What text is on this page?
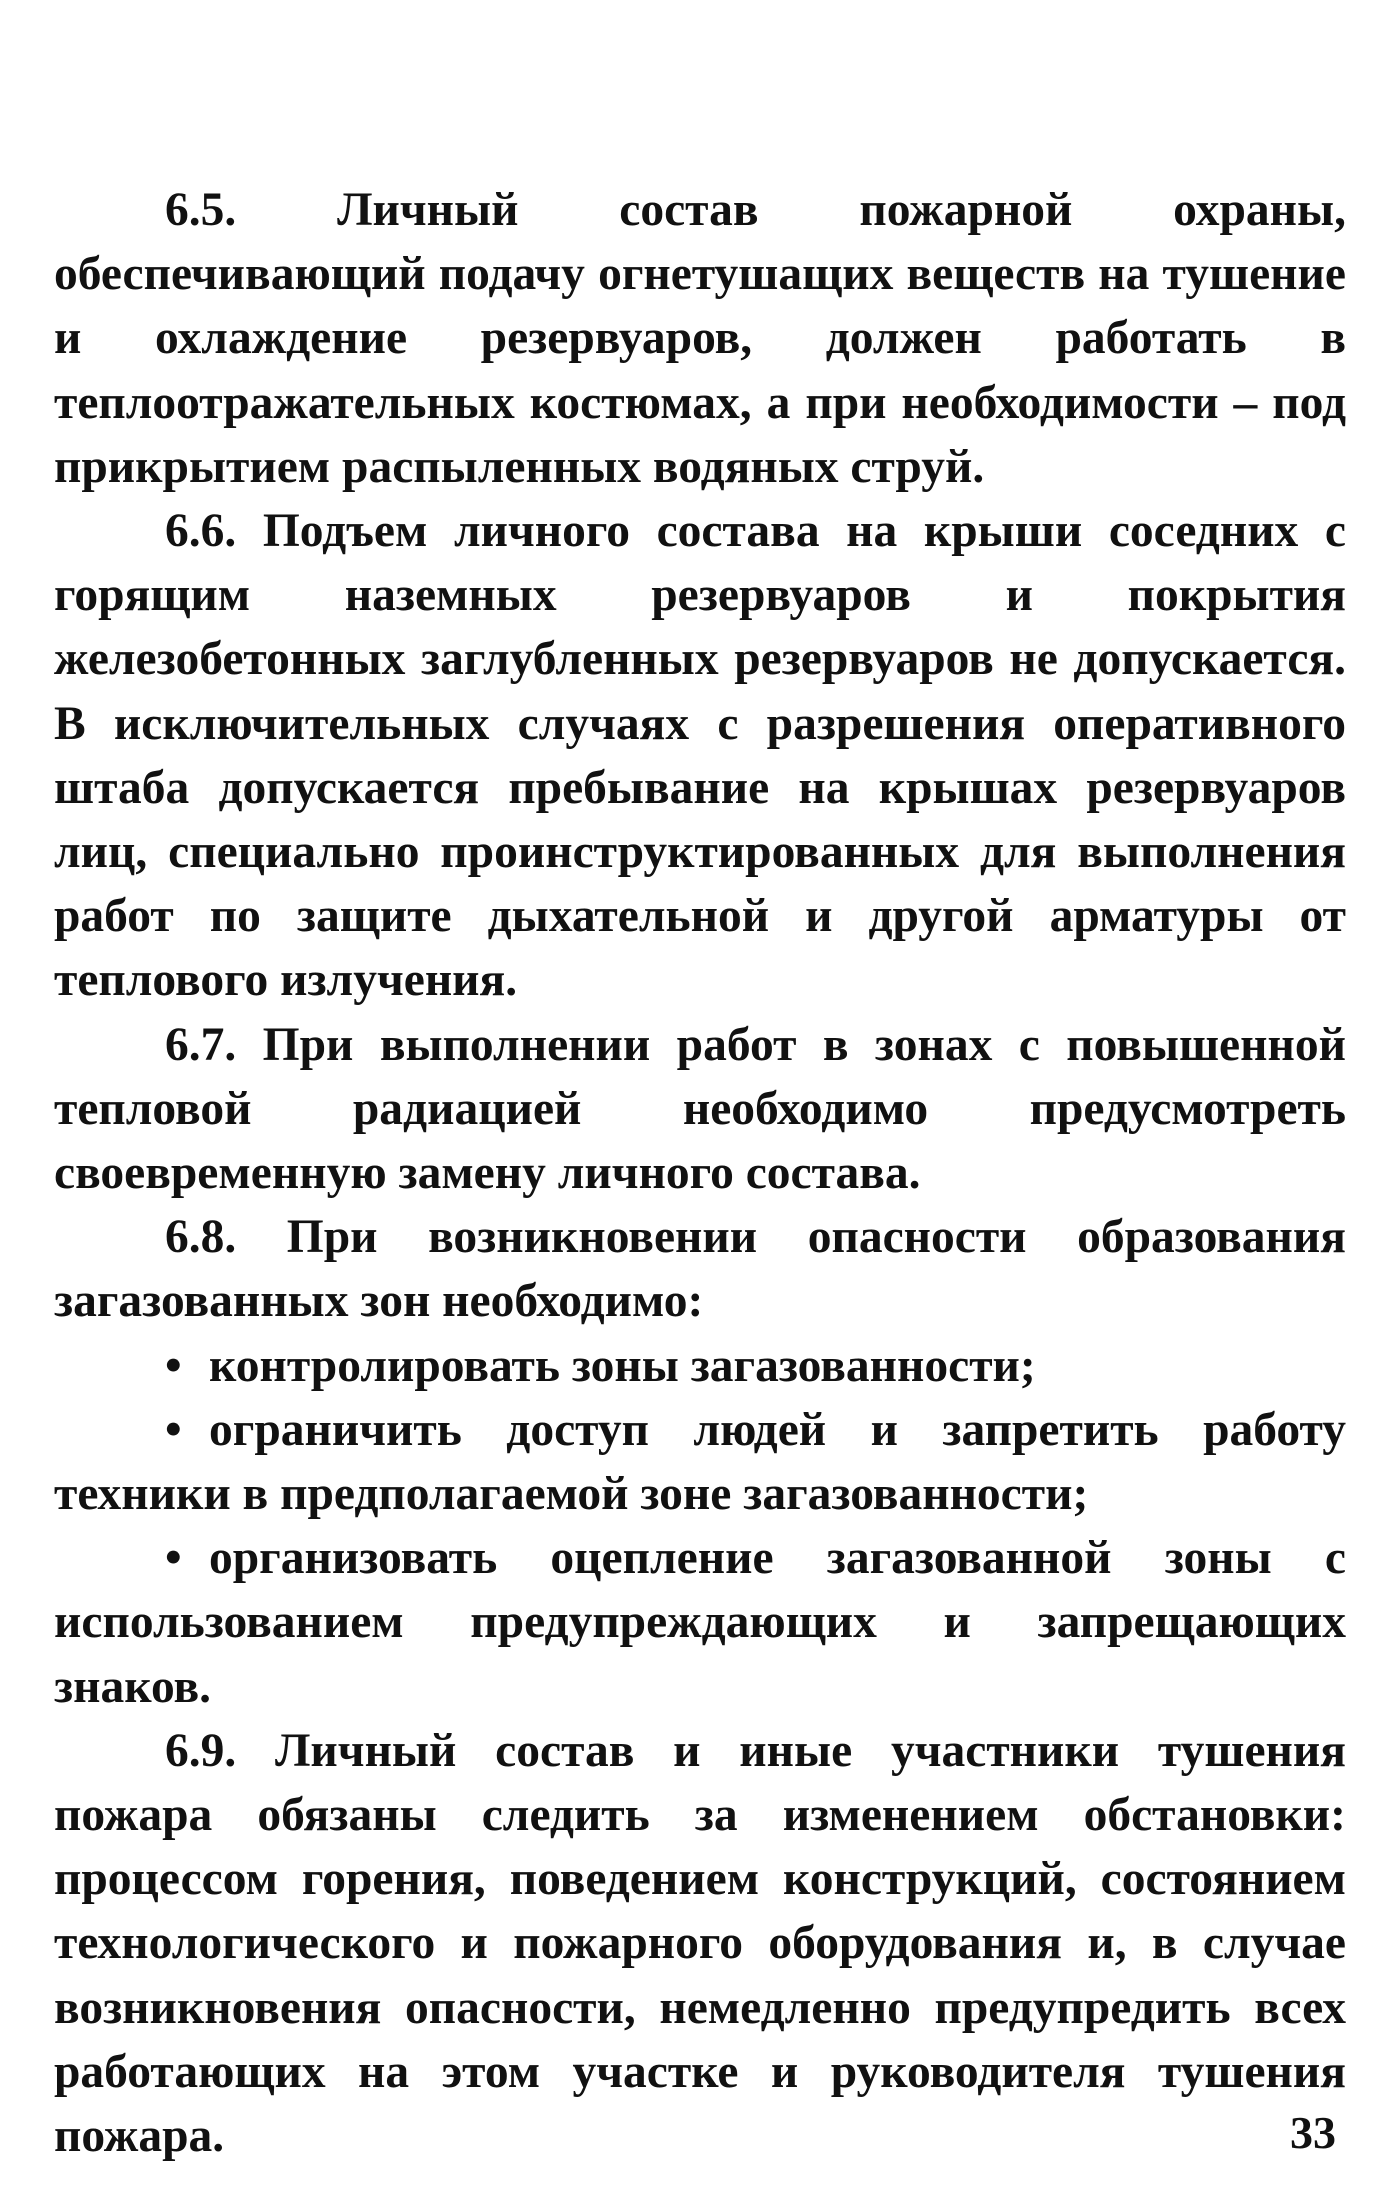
6.5. Личный состав пожарной охраны, обеспечивающий подачу огнетушащих веществ на тушение и охлаждение резервуаров, должен работать в теплоотражательных костюмах, а при необходимости – под прикрытием распыленных водяных струй.

6.6. Подъем личного состава на крыши соседних с горящим наземных резервуаров и покрытия железобетонных заглубленных резервуаров не допускается. В исключительных случаях с разрешения оперативного штаба допускается пребывание на крышах резервуаров лиц, специально проинструктированных для выполнения работ по защите дыхательной и другой арматуры от теплового излучения.

6.7. При выполнении работ в зонах с повышенной тепловой радиацией необходимо предусмотреть своевременную замену личного состава.

6.8. При возникновении опасности образования загазованных зон необходимо:

• контролировать зоны загазованности;

• ограничить доступ людей и запретить работу техники в предполагаемой зоне загазованности;

• организовать оцепление загазованной зоны с использованием предупреждающих и запрещающих знаков.

6.9. Личный состав и иные участники тушения пожара обязаны следить за изменением обстановки: процессом горения, поведением конструкций, состоянием технологического и пожарного оборудования и, в случае возникновения опасности, немедленно предупредить всех работающих на этом участке и руководителя тушения пожара.	33
